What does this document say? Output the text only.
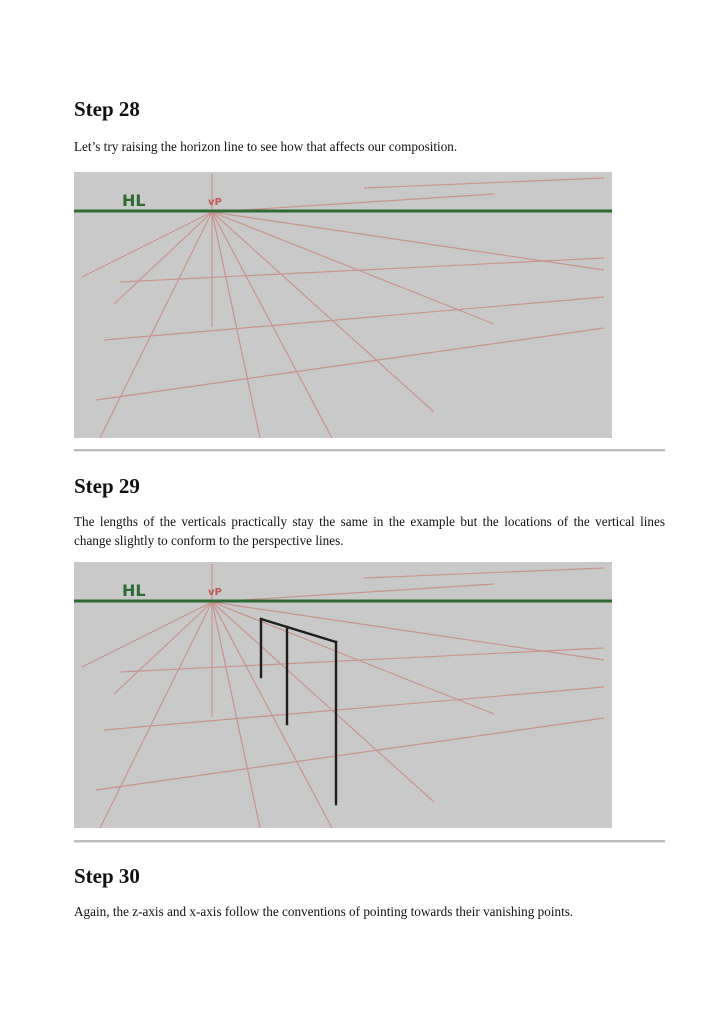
Step 28

Let’s try raising the horizon line to see how that affects our composition.

HL	vP
Step 29

The lengths of the verticals practically stay the same in the example but the locations of the vertical lines change slightly to conform to the perspective lines.

HL	vP
Step 30

Again, the z-axis and x-axis follow the conventions of pointing towards their vanishing points.
